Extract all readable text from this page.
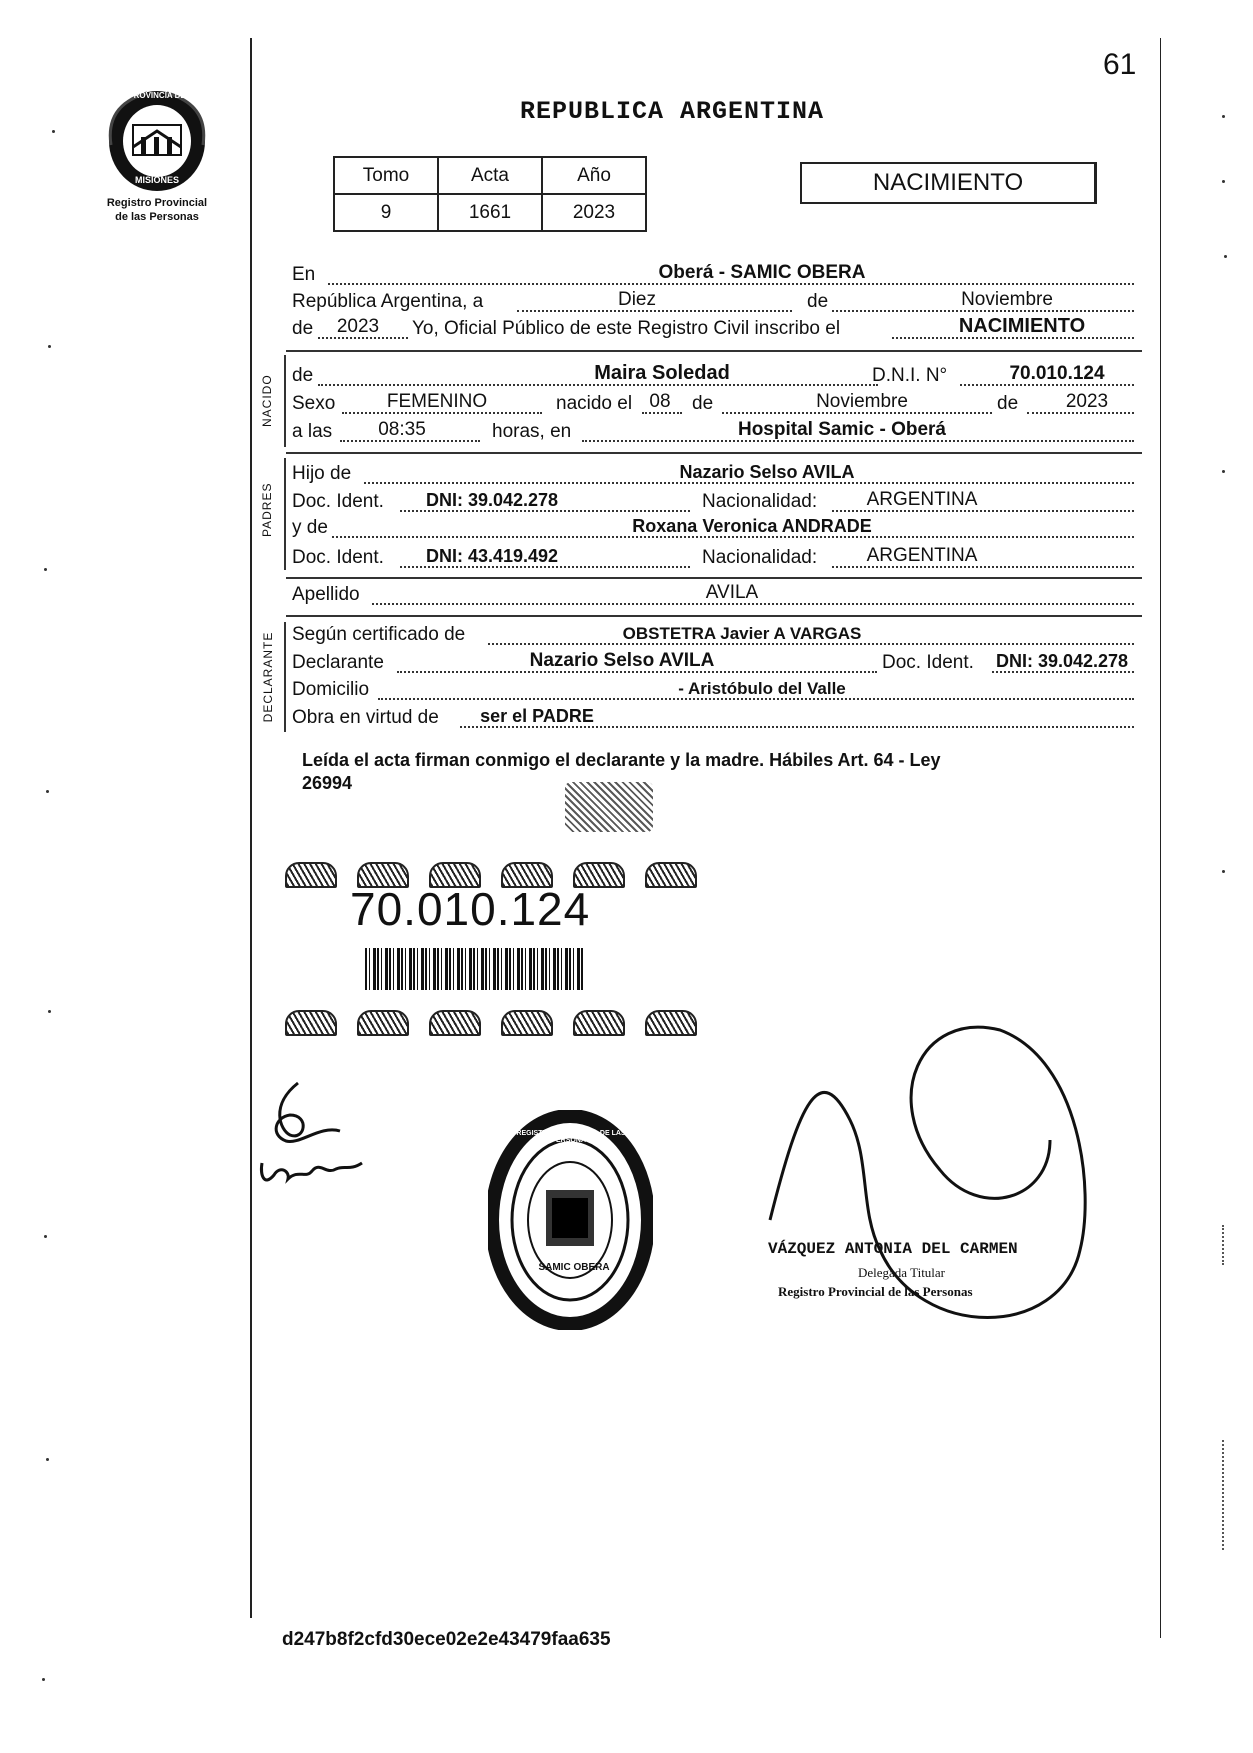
61
Registro Provincial
de las Personas
PROVINCIA DE
MISIONES
REPUBLICA ARGENTINA
Tomo	Acta	Año
9	1661	2023
NACIMIENTO
En	Oberá - SAMIC OBERA
República Argentina, a	Diez	de	Noviembre
de	2023	Yo, Oficial Público de este Registro Civil inscribo el	NACIMIENTO
NACIDO de	Maira Soledad	D.N.I. N°	70.010.124
Sexo	FEMENINO	nacido el 08	de	Noviembre	de	2023
a las	08:35	horas, en	Hospital Samic - Oberá
PADRES
Hijo de	Nazario Selso AVILA
Doc. Ident.	DNI: 39.042.278	Nacionalidad:	ARGENTINA
y de	Roxana Veronica ANDRADE
Doc. Ident.	DNI: 43.419.492	Nacionalidad:	ARGENTINA
Apellido	AVILA
DECLARANTE Según certificado de	OBSTETRA Javier A VARGAS
Declarante	Nazario Selso AVILA	Doc. Ident.	DNI: 39.042.278
Domicilio	- Aristóbulo del Valle
Obra en virtud de	ser el PADRE
Leída el acta firman conmigo el declarante y la madre. Hábiles Art. 64 - Ley
26994
70.010.124
SAMIC OBERA
REGISTRO PROVINCIAL DE LAS PERSONAS
VÁZQUEZ ANTONIA DEL CARMEN
Delegada Titular
Registro Provincial de las Personas
d247b8f2cfd30ece02e2e43479faa635
